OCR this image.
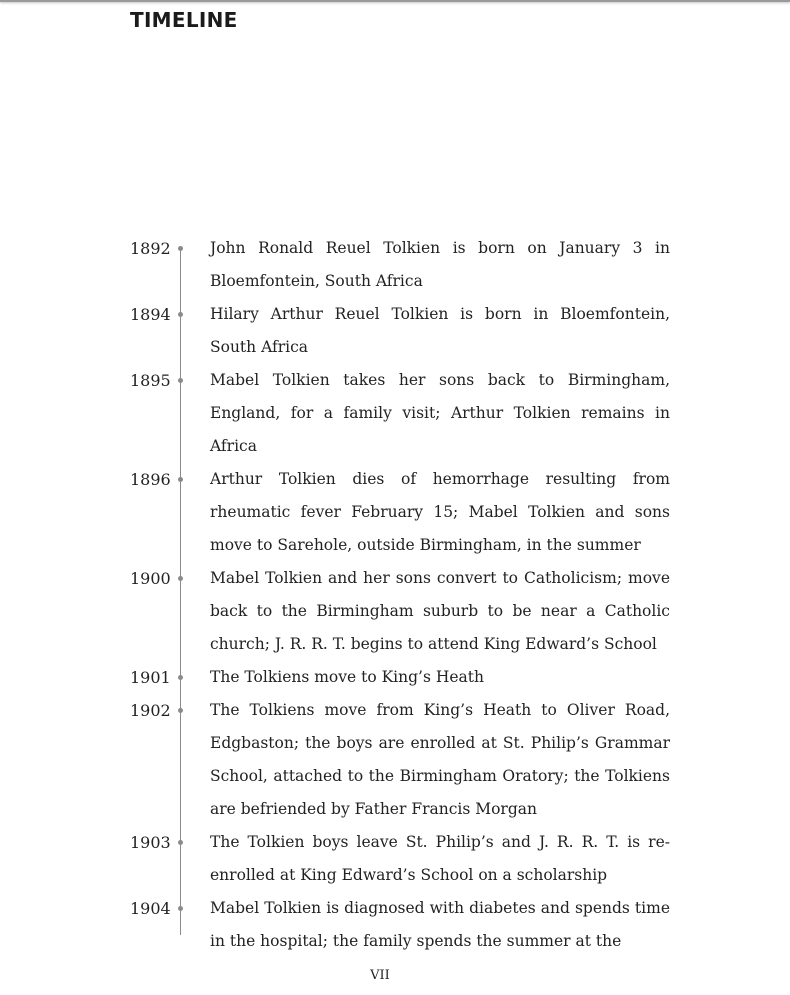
TIMELINE
1892	John Ronald Reuel Tolkien is born on January 3 in Bloemfontein, South Africa

1894	Hilary Arthur Reuel Tolkien is born in Bloemfontein, South Africa

1895	Mabel Tolkien takes her sons back to Birmingham, England, for a family visit; Arthur Tolkien remains in Africa

1896	Arthur Tolkien dies of hemorrhage resulting from rheumatic fever February 15; Mabel Tolkien and sons move to Sarehole, outside Birmingham, in the summer

1900	Mabel Tolkien and her sons convert to Catholicism; move back to the Birmingham suburb to be near a Catholic church; J. R. R. T. begins to attend King Edward’s School

1901	The Tolkiens move to King’s Heath

1902	The Tolkiens move from King’s Heath to Oliver Road, Edgbaston; the boys are enrolled at St. Philip’s Grammar School, attached to the Birmingham Oratory; the Tolkiens are befriended by Father Francis Morgan

1903	The Tolkien boys leave St. Philip’s and J. R. R. T. is re-enrolled at King Edward’s School on a scholarship

1904	Mabel Tolkien is diagnosed with diabetes and spends time in the hospital; the family spends the summer at the

VII
